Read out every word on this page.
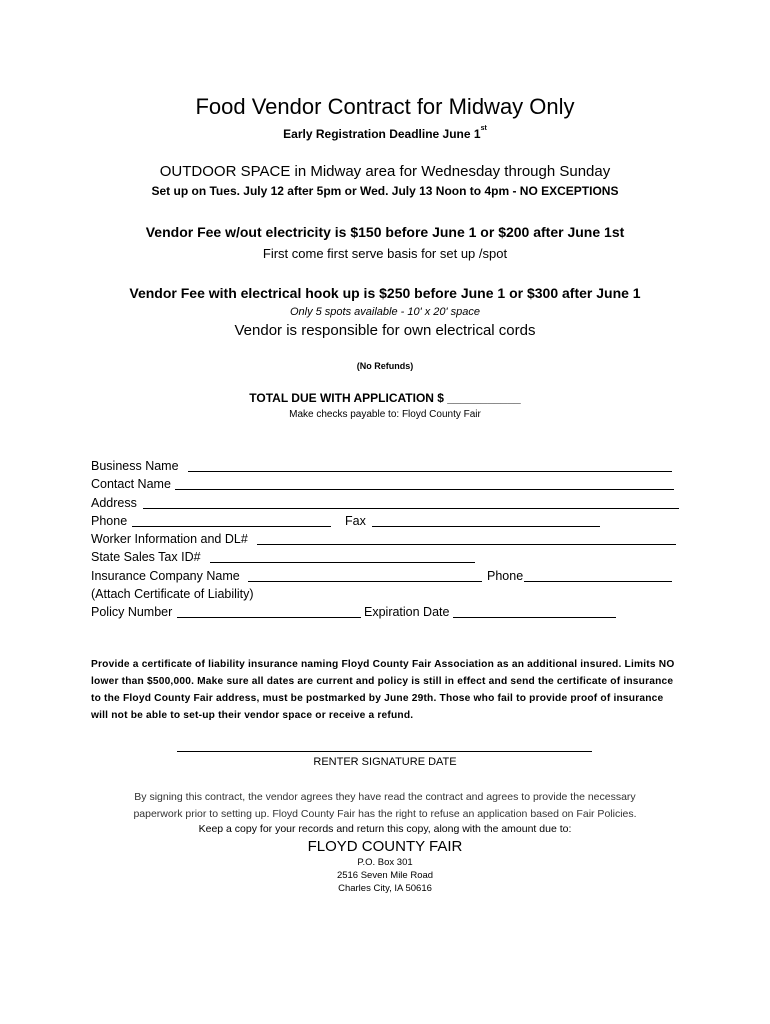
Food Vendor Contract for Midway Only
Early Registration Deadline June 1st
OUTDOOR SPACE in Midway area for Wednesday through Sunday
Set up on Tues. July 12 after 5pm or Wed. July 13 Noon to 4pm - NO EXCEPTIONS
Vendor Fee w/out electricity is $150 before June 1 or $200 after June 1st
First come first serve basis for set up /spot
Vendor Fee with electrical hook up is $250 before June 1 or $300 after June 1
Only 5 spots available - 10' x 20' space
Vendor is responsible for own electrical cords
(No Refunds)
TOTAL DUE WITH APPLICATION $ ___________
Make checks payable to: Floyd County Fair
Business Name
Contact Name
Address
Phone	Fax
Worker Information and DL#
State Sales Tax ID#
Insurance Company Name	Phone
(Attach Certificate of Liability)
Policy Number	Expiration Date
Provide a certificate of liability insurance naming Floyd County Fair Association as an additional insured. Limits NO lower than $500,000. Make sure all dates are current and policy is still in effect and send the certificate of insurance to the Floyd County Fair address, must be postmarked by June 29th. Those who fail to provide proof of insurance will not be able to set-up their vendor space or receive a refund.
RENTER SIGNATURE DATE
By signing this contract, the vendor agrees they have read the contract and agrees to provide the necessary
paperwork prior to setting up. Floyd County Fair has the right to refuse an application based on Fair Policies.
Keep a copy for your records and return this copy, along with the amount due to:
FLOYD COUNTY FAIR
P.O. Box 301
2516 Seven Mile Road
Charles City, IA 50616
